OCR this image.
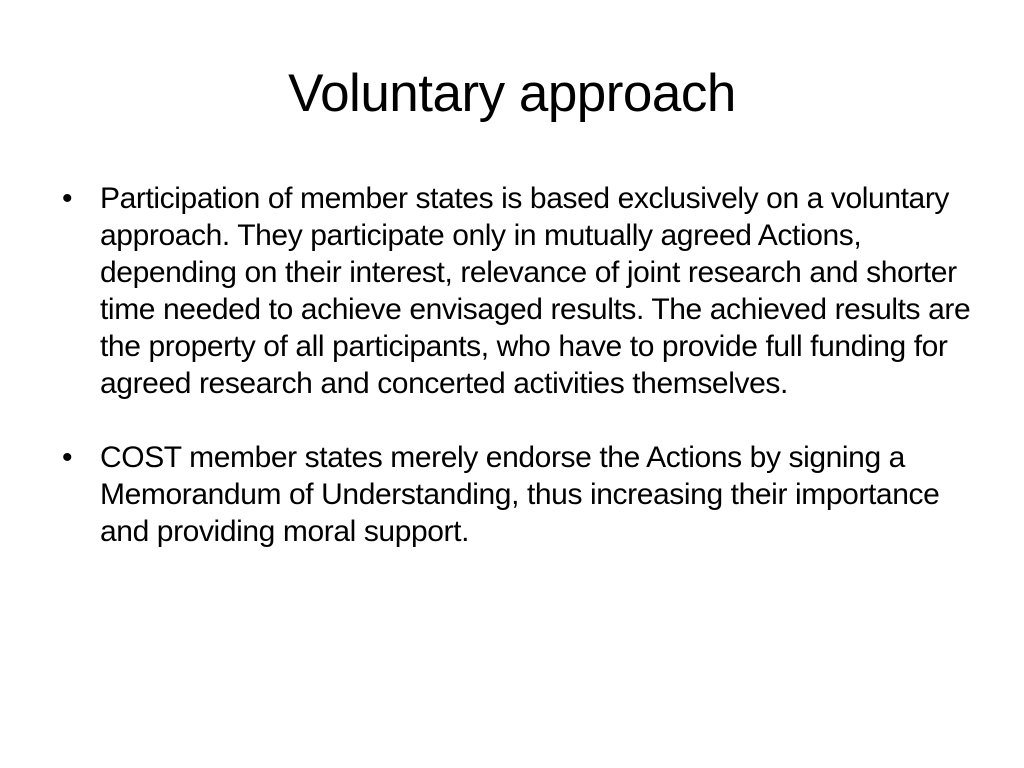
Voluntary approach
• Participation of member states is based exclusively on a voluntary approach. They participate only in mutually agreed Actions, depending on their interest, relevance of joint research and shorter time needed to achieve envisaged results. The achieved results are the property of all participants, who have to provide full funding for agreed research and concerted activities themselves.
• COST member states merely endorse the Actions by signing a Memorandum of Understanding, thus increasing their importance and providing moral support.
